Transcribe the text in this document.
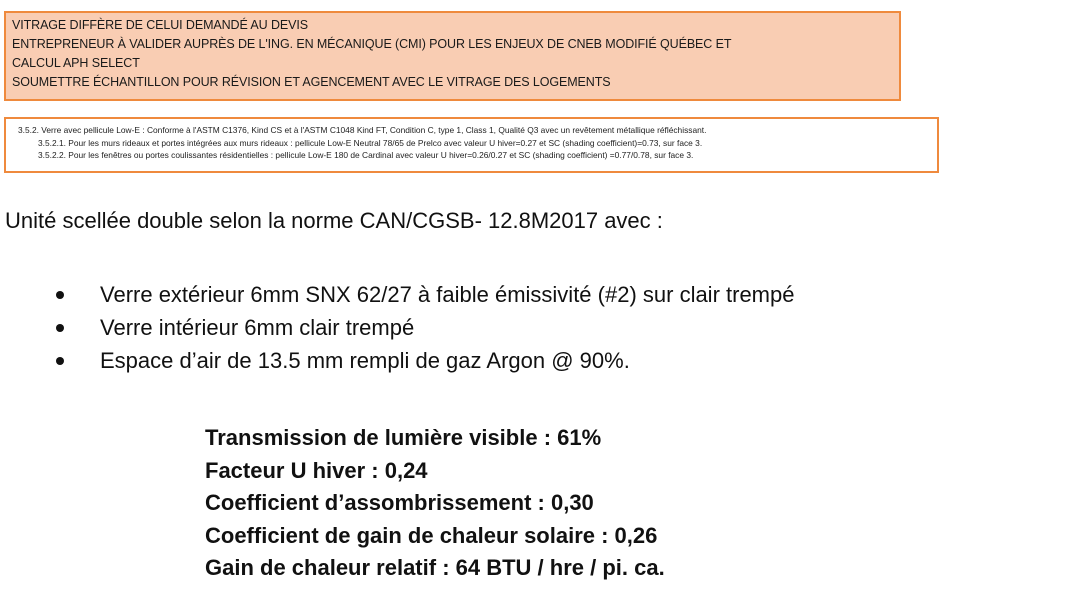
VITRAGE DIFFÈRE DE CELUI DEMANDÉ AU DEVIS
ENTREPRENEUR À VALIDER AUPRÈS DE L'ING. EN MÉCANIQUE (CMI) POUR LES ENJEUX DE CNEB MODIFIÉ QUÉBEC ET
CALCUL APH SELECT
SOUMETTRE ÉCHANTILLON POUR RÉVISION ET AGENCEMENT AVEC LE VITRAGE DES LOGEMENTS
3.5.2. Verre avec pellicule Low-E : Conforme à l'ASTM C1376, Kind CS et à l'ASTM C1048 Kind FT, Condition C, type 1, Class 1, Qualité Q3 avec un revêtement métallique réfléchissant.
3.5.2.1. Pour les murs rideaux et portes intégrées aux murs rideaux : pellicule Low-E Neutral 78/65 de Prelco avec valeur U hiver=0.27 et SC (shading coefficient)=0.73, sur face 3.
3.5.2.2. Pour les fenêtres ou portes coulissantes résidentielles : pellicule Low-E 180 de Cardinal avec valeur U hiver=0.26/0.27 et SC (shading coefficient) =0.77/0.78, sur face 3.
Unité scellée double selon la norme CAN/CGSB- 12.8M2017 avec :
Verre extérieur 6mm SNX 62/27 à faible émissivité (#2) sur clair trempé
Verre intérieur 6mm clair trempé
Espace d’air de 13.5 mm rempli de gaz Argon @ 90%.
Transmission de lumière visible : 61%
Facteur U hiver : 0,24
Coefficient d’assombrissement : 0,30
Coefficient de gain de chaleur solaire : 0,26
Gain de chaleur relatif : 64 BTU / hre / pi. ca.
